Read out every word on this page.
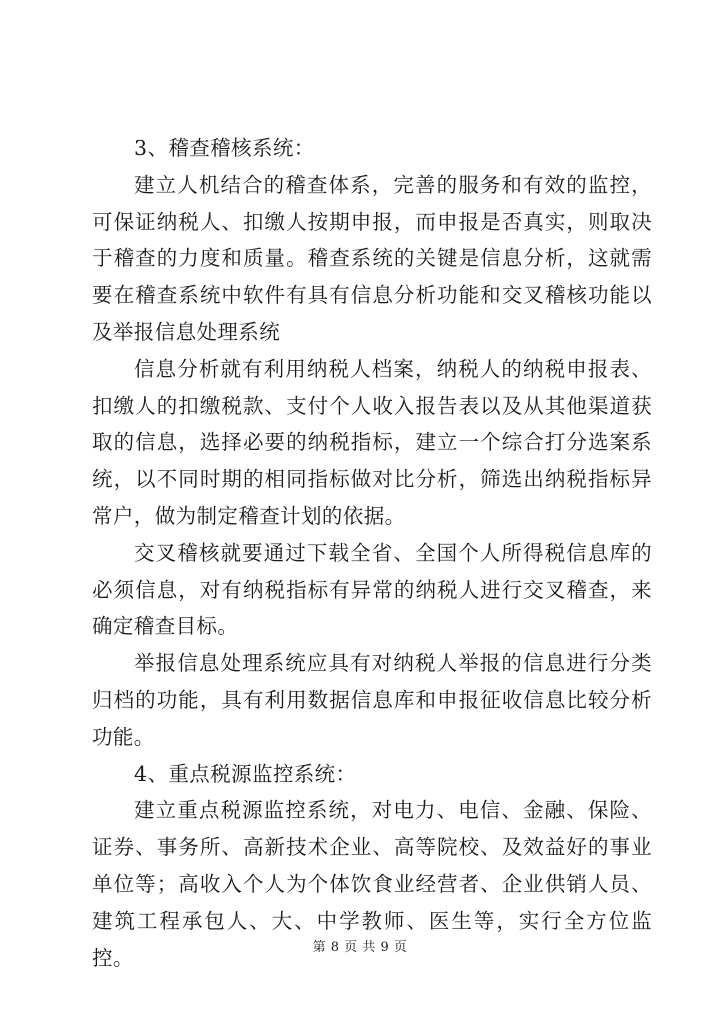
3、稽查稽核系统：

建立人机结合的稽查体系，完善的服务和有效的监控，可保证纳税人、扣缴人按期申报，而申报是否真实，则取决于稽查的力度和质量。稽查系统的关键是信息分析，这就需要在稽查系统中软件有具有信息分析功能和交叉稽核功能以及举报信息处理系统

信息分析就有利用纳税人档案，纳税人的纳税申报表、扣缴人的扣缴税款、支付个人收入报告表以及从其他渠道获取的信息，选择必要的纳税指标，建立一个综合打分选案系统，以不同时期的相同指标做对比分析，筛选出纳税指标异常户，做为制定稽查计划的依据。

交叉稽核就要通过下载全省、全国个人所得税信息库的必须信息，对有纳税指标有异常的纳税人进行交叉稽查，来确定稽查目标。

举报信息处理系统应具有对纳税人举报的信息进行分类归档的功能，具有利用数据信息库和申报征收信息比较分析功能。

4、重点税源监控系统：

建立重点税源监控系统，对电力、电信、金融、保险、证券、事务所、高新技术企业、高等院校、及效益好的事业单位等；高收入个人为个体饮食业经营者、企业供销人员、建筑工程承包人、大、中学教师、医生等，实行全方位监控。	第 8 页 共 9 页
